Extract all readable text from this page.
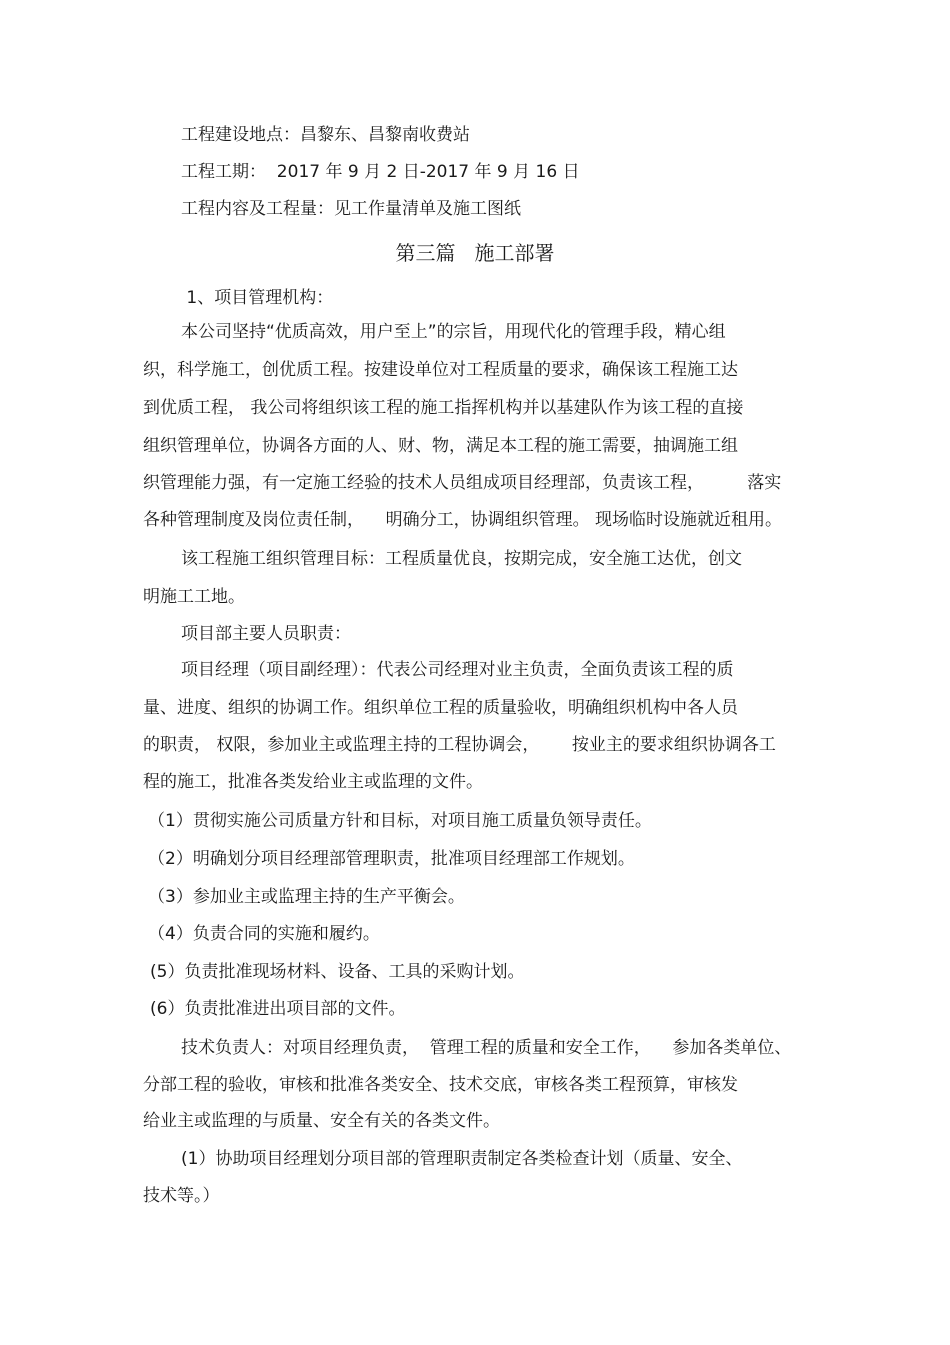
工程建设地点：昌黎东、昌黎南收费站
工程工期：  2017 年 9 月 2 日-2017 年 9 月 16 日
工程内容及工程量：见工作量清单及施工图纸
第三篇   施工部署
1、项目管理机构：
本公司坚持“优质高效，用户至上”的宗旨，用现代化的管理手段，精心组
织，科学施工，创优质工程。按建设单位对工程质量的要求，确保该工程施工达
到优质工程， 我公司将组织该工程的施工指挥机构并以基建队作为该工程的直接
组织管理单位，协调各方面的人、财、物，满足本工程的施工需要，抽调施工组
织管理能力强，有一定施工经验的技术人员组成项目经理部，负责该工程，        落实
各种管理制度及岗位责任制，    明确分工，协调组织管理。 现场临时设施就近租用。
该工程施工组织管理目标：工程质量优良，按期完成，安全施工达优，创文
明施工工地。
项目部主要人员职责：
项目经理（项目副经理）：代表公司经理对业主负责，全面负责该工程的质
量、进度、组织的协调工作。组织单位工程的质量验收，明确组织机构中各人员
的职责， 权限，参加业主或监理主持的工程协调会，      按业主的要求组织协调各工
程的施工，批准各类发给业主或监理的文件。
（1）贯彻实施公司质量方针和目标，对项目施工质量负领导责任。
（2）明确划分项目经理部管理职责，批准项目经理部工作规划。
（3）参加业主或监理主持的生产平衡会。
（4）负责合同的实施和履约。
(5）负责批准现场材料、设备、工具的采购计划。
(6）负责批准进出项目部的文件。
技术负责人：对项目经理负责，  管理工程的质量和安全工作，    参加各类单位、
分部工程的验收，审核和批准各类安全、技术交底，审核各类工程预算，审核发
给业主或监理的与质量、安全有关的各类文件。
(1）协助项目经理划分项目部的管理职责制定各类检查计划（质量、安全、
技术等。）
